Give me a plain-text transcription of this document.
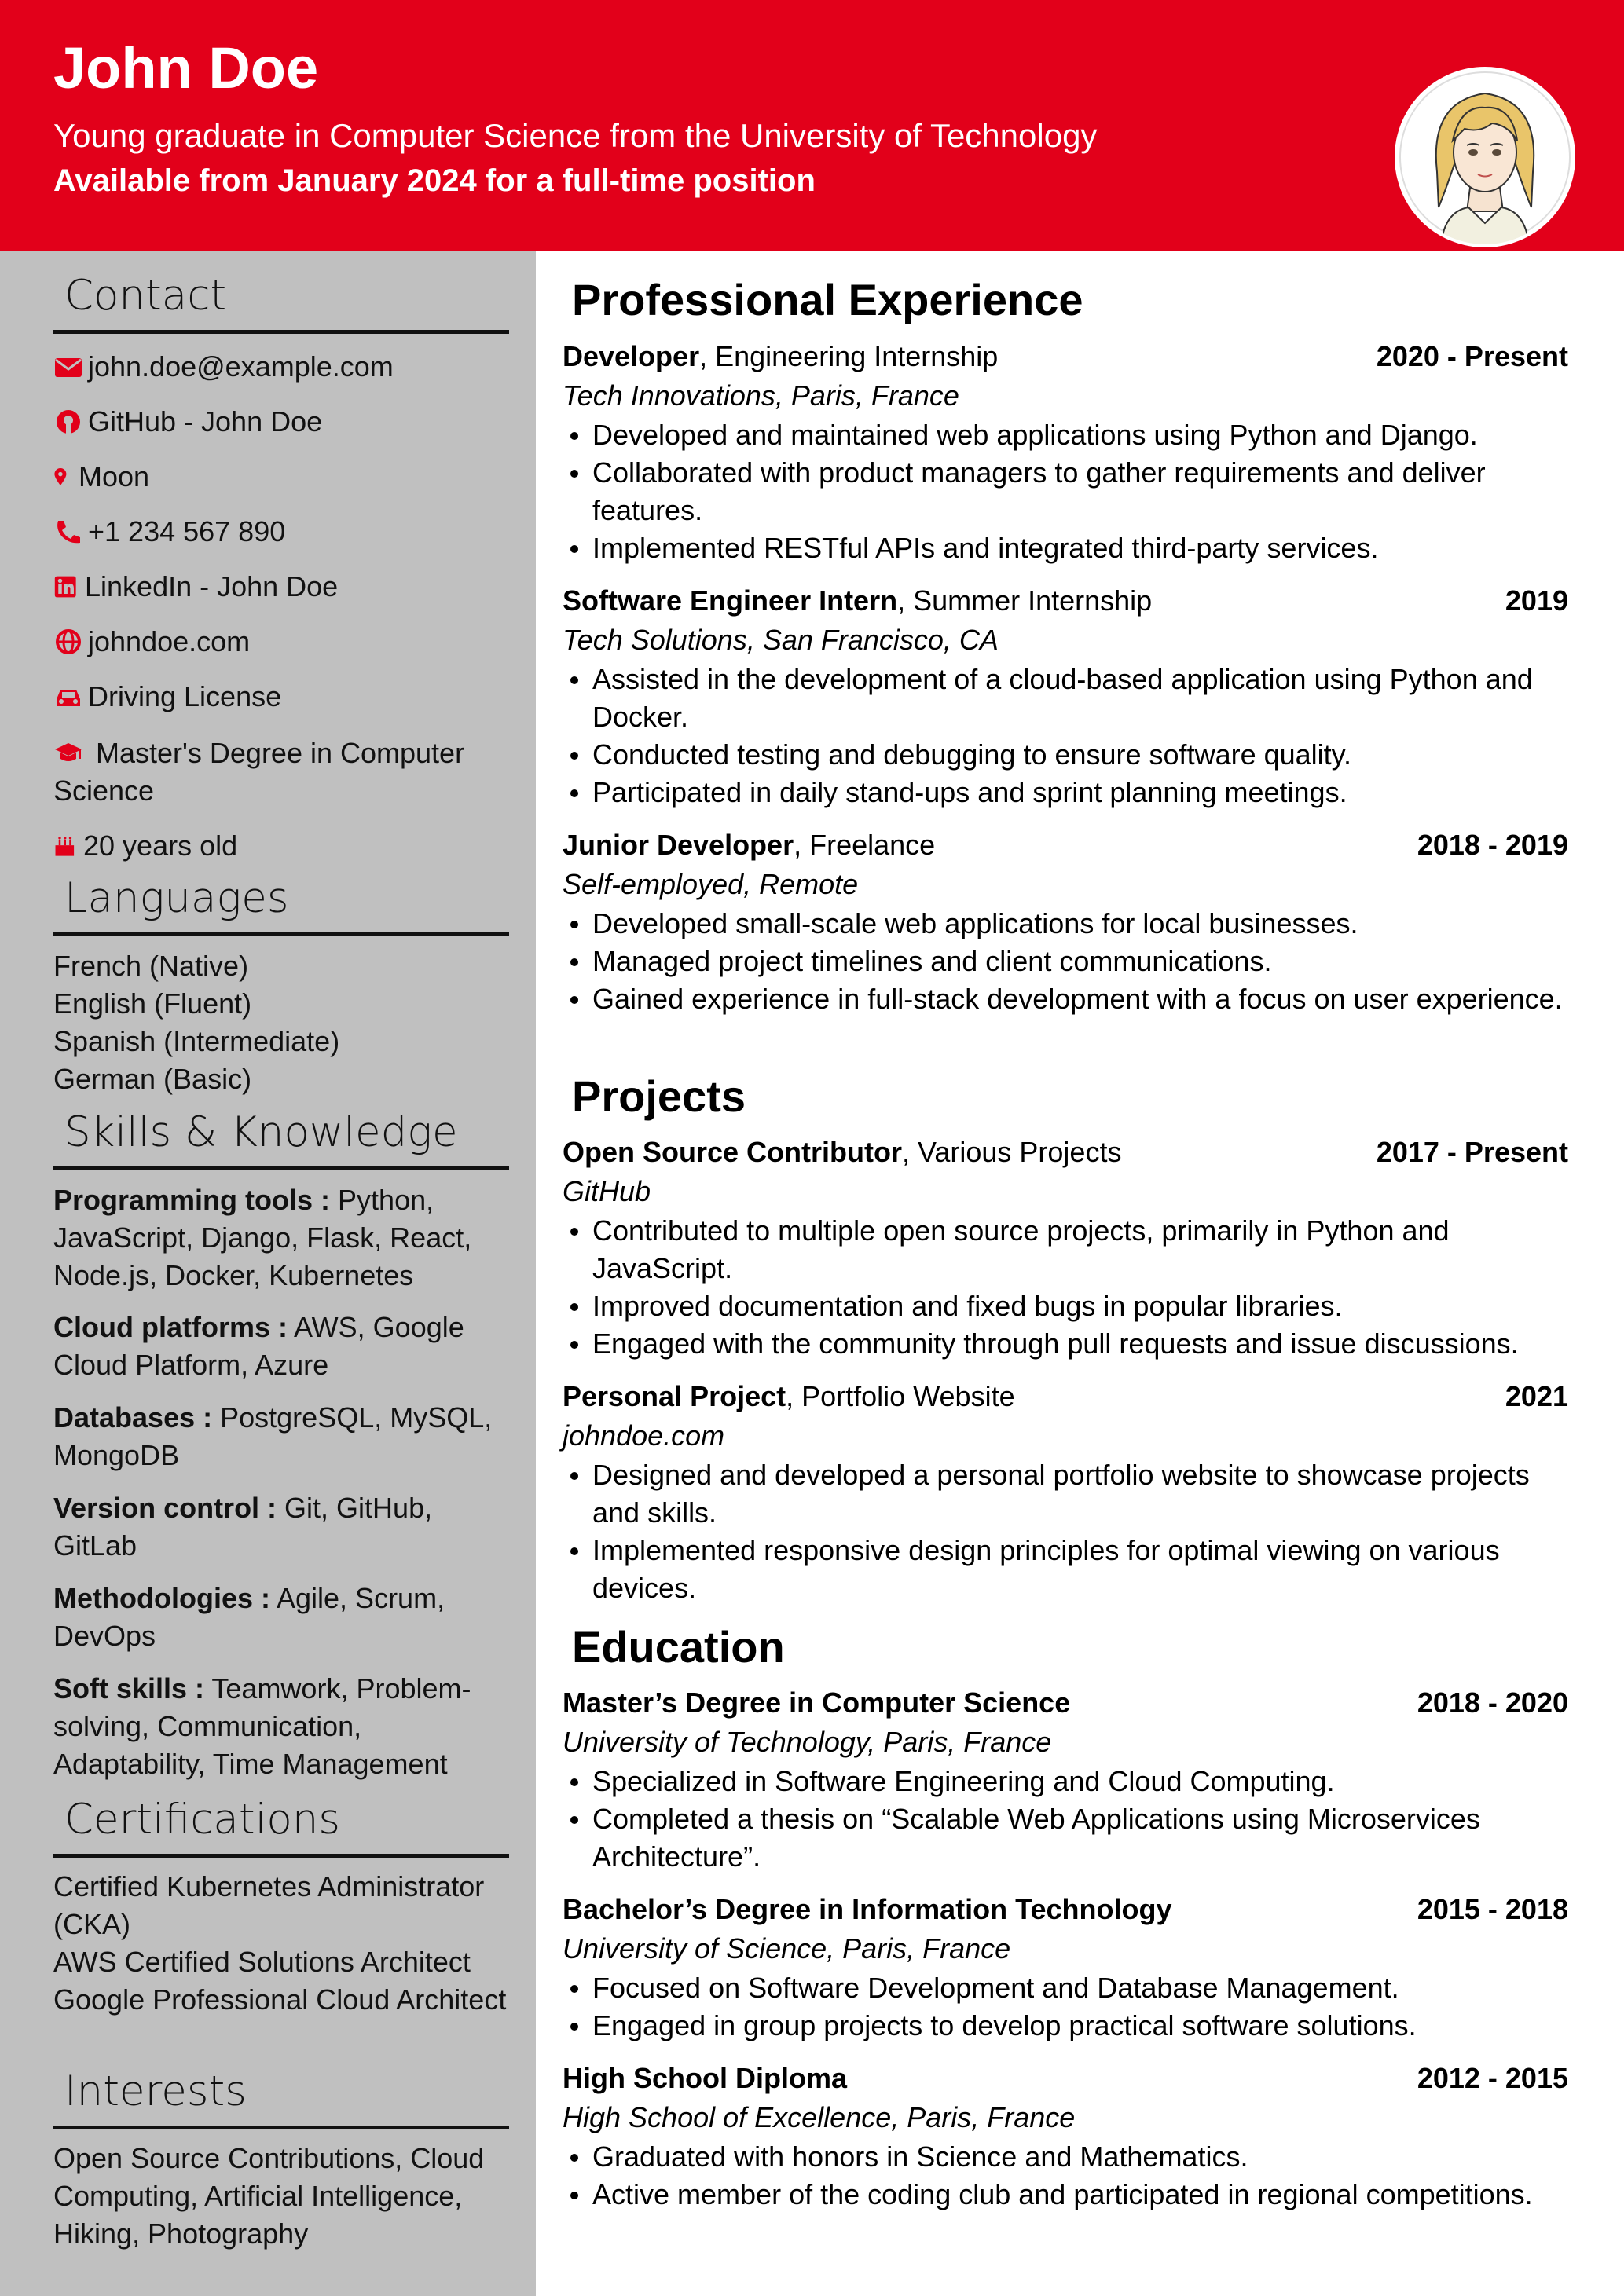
John Doe
Young graduate in Computer Science from the University of Technology
Available from January 2024 for a full-time position
Contact
john.doe@example.com
GitHub - John Doe
Moon
+1 234 567 890
LinkedIn - John Doe
johndoe.com
Driving License
Master's Degree in Computer Science
20 years old
Languages
French (Native)
English (Fluent)
Spanish (Intermediate)
German (Basic)
Skills & Knowledge
Programming tools : Python, JavaScript, Django, Flask, React, Node.js, Docker, Kubernetes
Cloud platforms : AWS, Google Cloud Platform, Azure
Databases : PostgreSQL, MySQL, MongoDB
Version control : Git, GitHub, GitLab
Methodologies : Agile, Scrum, DevOps
Soft skills : Teamwork, Problem-solving, Communication, Adaptability, Time Management
Certifications
Certified Kubernetes Administrator (CKA)
AWS Certified Solutions Architect
Google Professional Cloud Architect
Interests
Open Source Contributions, Cloud Computing, Artificial Intelligence, Hiking, Photography
Professional Experience
Developer, Engineering Internship	2020 - Present
Tech Innovations, Paris, France
Developed and maintained web applications using Python and Django.
Collaborated with product managers to gather requirements and deliver features.
Implemented RESTful APIs and integrated third-party services.
Software Engineer Intern, Summer Internship	2019
Tech Solutions, San Francisco, CA
Assisted in the development of a cloud-based application using Python and Docker.
Conducted testing and debugging to ensure software quality.
Participated in daily stand-ups and sprint planning meetings.
Junior Developer, Freelance	2018 - 2019
Self-employed, Remote
Developed small-scale web applications for local businesses.
Managed project timelines and client communications.
Gained experience in full-stack development with a focus on user experience.
Projects
Open Source Contributor, Various Projects	2017 - Present
GitHub
Contributed to multiple open source projects, primarily in Python and JavaScript.
Improved documentation and fixed bugs in popular libraries.
Engaged with the community through pull requests and issue discussions.
Personal Project, Portfolio Website	2021
johndoe.com
Designed and developed a personal portfolio website to showcase projects and skills.
Implemented responsive design principles for optimal viewing on various devices.
Education
Master’s Degree in Computer Science	2018 - 2020
University of Technology, Paris, France
Specialized in Software Engineering and Cloud Computing.
Completed a thesis on “Scalable Web Applications using Microservices Architecture”.
Bachelor’s Degree in Information Technology	2015 - 2018
University of Science, Paris, France
Focused on Software Development and Database Management.
Engaged in group projects to develop practical software solutions.
High School Diploma	2012 - 2015
High School of Excellence, Paris, France
Graduated with honors in Science and Mathematics.
Active member of the coding club and participated in regional competitions.
